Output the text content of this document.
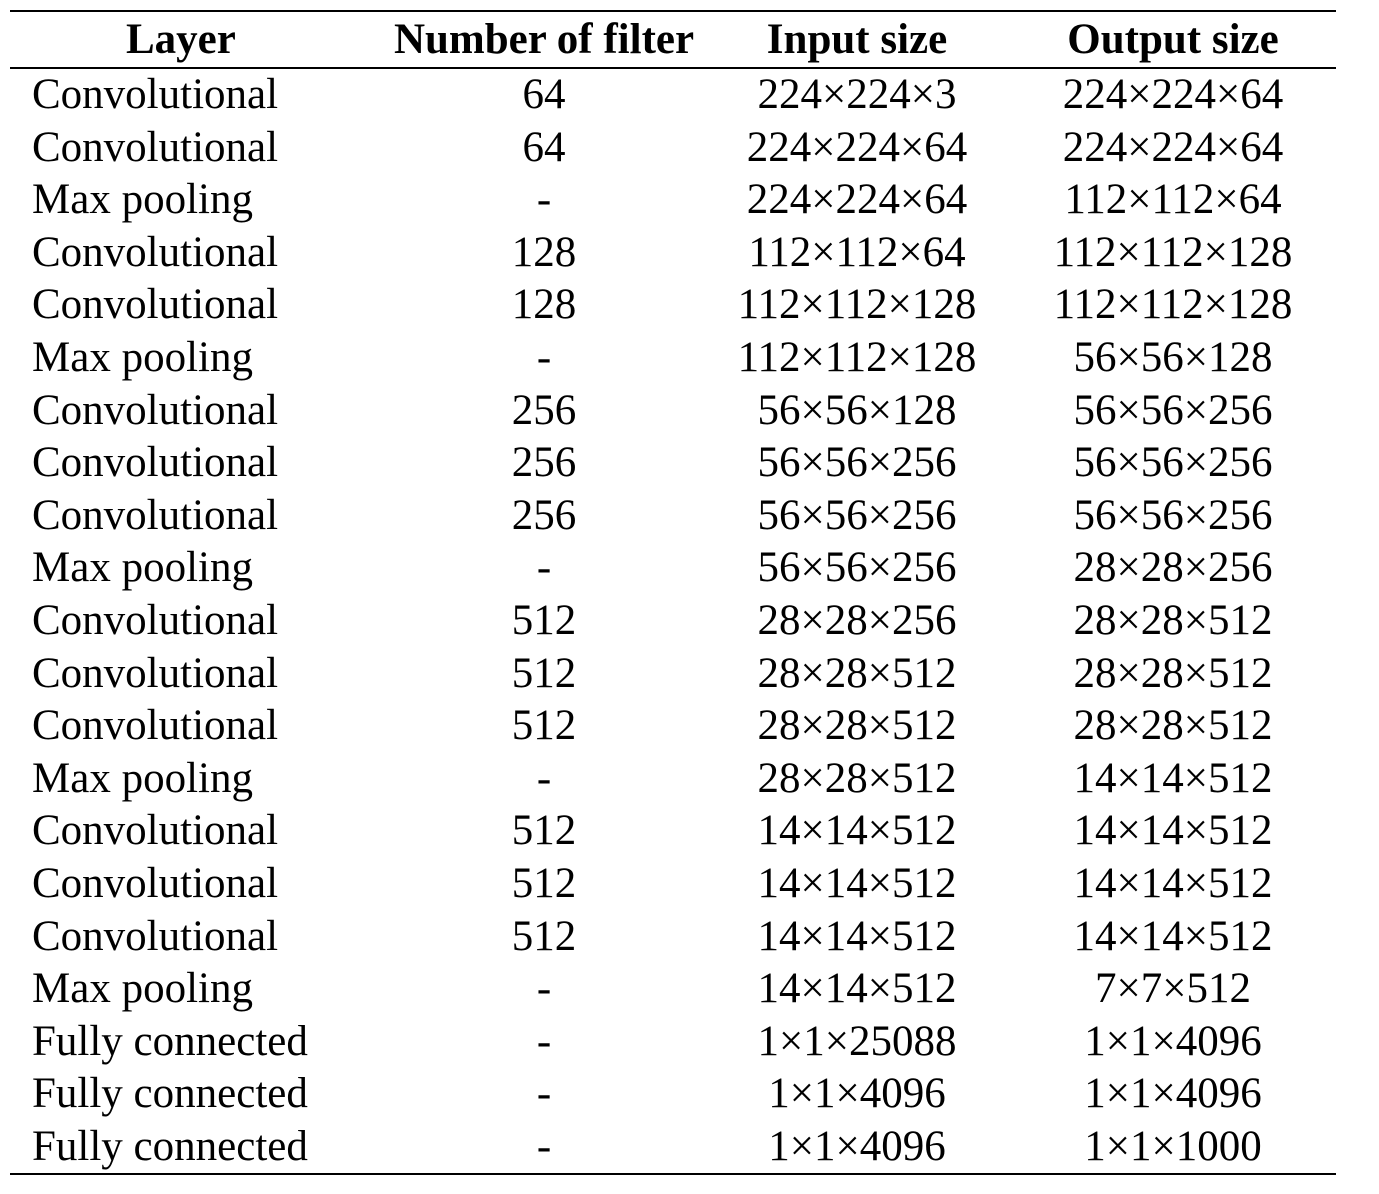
Layer	Number of filter	Input size	Output size
Convolutional	64	224×224×3	224×224×64
Convolutional	64	224×224×64	224×224×64
Max pooling	-	224×224×64	112×112×64
Convolutional	128	112×112×64	112×112×128
Convolutional	128	112×112×128	112×112×128
Max pooling	-	112×112×128	56×56×128
Convolutional	256	56×56×128	56×56×256
Convolutional	256	56×56×256	56×56×256
Convolutional	256	56×56×256	56×56×256
Max pooling	-	56×56×256	28×28×256
Convolutional	512	28×28×256	28×28×512
Convolutional	512	28×28×512	28×28×512
Convolutional	512	28×28×512	28×28×512
Max pooling	-	28×28×512	14×14×512
Convolutional	512	14×14×512	14×14×512
Convolutional	512	14×14×512	14×14×512
Convolutional	512	14×14×512	14×14×512
Max pooling	-	14×14×512	7×7×512
Fully connected	-	1×1×25088	1×1×4096
Fully connected	-	1×1×4096	1×1×4096
Fully connected	-	1×1×4096	1×1×1000
